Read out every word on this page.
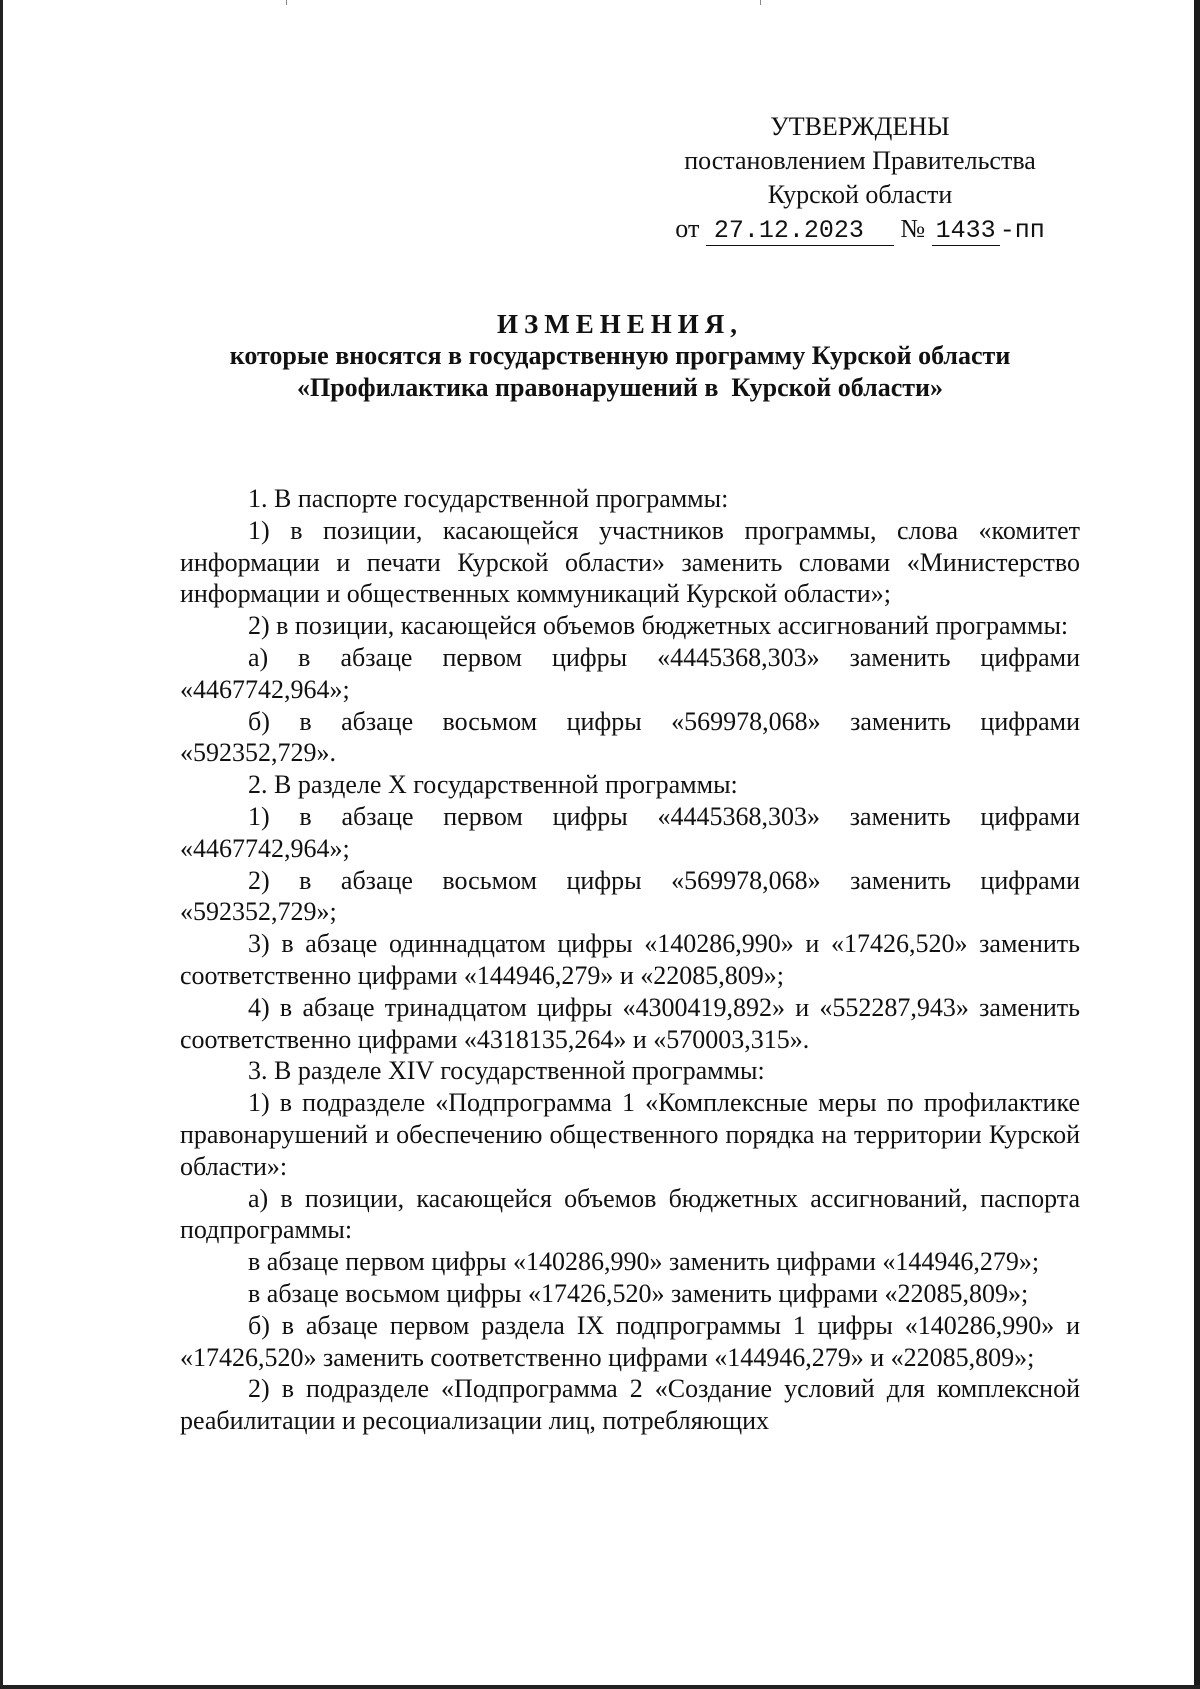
УТВЕРЖДЕНЫ
постановлением Правительства
Курской области
от 27.12.2023 № 1433 -пп
ИЗМЕНЕНИЯ,
которые вносятся в государственную программу Курской области
«Профилактика правонарушений в  Курской области»

1. В паспорте государственной программы:

1) в позиции, касающейся участников программы, слова «комитет информации и печати Курской области» заменить словами «Министерство информации и общественных коммуникаций Курской области»;

2) в позиции, касающейся объемов бюджетных ассигнований программы:

а) в абзаце первом цифры «4445368,303» заменить цифрами «4467742,964»;

б) в абзаце восьмом цифры «569978,068» заменить цифрами «592352,729».

2. В разделе X государственной программы:

1) в абзаце первом цифры «4445368,303» заменить цифрами «4467742,964»;

2) в абзаце восьмом цифры «569978,068» заменить цифрами «592352,729»;

3) в абзаце одиннадцатом цифры «140286,990» и «17426,520» заменить соответственно цифрами «144946,279» и «22085,809»;

4) в абзаце тринадцатом цифры «4300419,892» и «552287,943» заменить соответственно цифрами «4318135,264» и «570003,315».

3. В разделе XIV государственной программы:

1) в подразделе «Подпрограмма 1 «Комплексные меры по профилактике правонарушений и обеспечению общественного порядка на территории Курской области»:

а) в позиции, касающейся объемов бюджетных ассигнований, паспорта подпрограммы:

в абзаце первом цифры «140286,990» заменить цифрами «144946,279»;

в абзаце восьмом цифры «17426,520» заменить цифрами «22085,809»;

б) в абзаце первом раздела IX подпрограммы 1 цифры «140286,990» и «17426,520» заменить соответственно цифрами «144946,279» и «22085,809»;

2) в подразделе «Подпрограмма 2 «Создание условий для комплексной реабилитации и ресоциализации лиц, потребляющих
